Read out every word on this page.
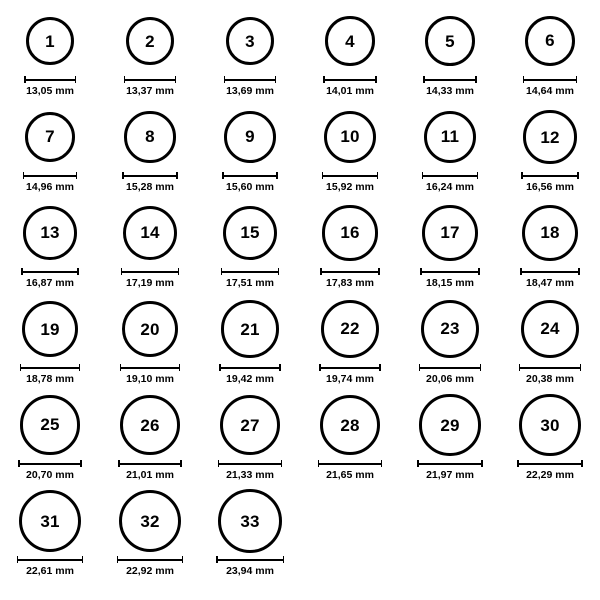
1
13,05 mm
2
13,37 mm
3
13,69 mm
4
14,01 mm
5
14,33 mm
6
14,64 mm
7
14,96 mm
8
15,28 mm
9
15,60 mm
10
15,92 mm
11
16,24 mm
12
16,56 mm
13
16,87 mm
14
17,19 mm
15
17,51 mm
16
17,83 mm
17
18,15 mm
18
18,47 mm
19
18,78 mm
20
19,10 mm
21
19,42 mm
22
19,74 mm
23
20,06 mm
24
20,38 mm
25
20,70 mm
26
21,01 mm
27
21,33 mm
28
21,65 mm
29
21,97 mm
30
22,29 mm
31
22,61 mm
32
22,92 mm
33
23,94 mm
